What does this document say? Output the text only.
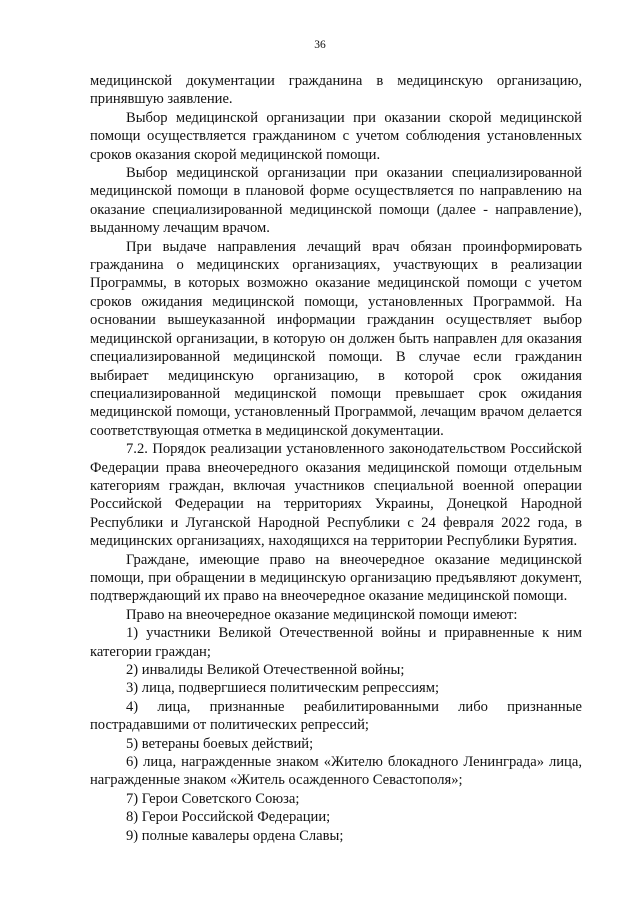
36

медицинской документации гражданина в медицинскую организацию, принявшую заявление.

Выбор медицинской организации при оказании скорой медицинской помощи осуществляется гражданином с учетом соблюдения установленных сроков оказания скорой медицинской помощи.

Выбор медицинской организации при оказании специализированной медицинской помощи в плановой форме осуществляется по направлению на оказание специализированной медицинской помощи (далее - направление), выданному лечащим врачом.

При выдаче направления лечащий врач обязан проинформировать гражданина о медицинских организациях, участвующих в реализации Программы, в которых возможно оказание медицинской помощи с учетом сроков ожидания медицинской помощи, установленных Программой. На основании вышеуказанной информации гражданин осуществляет выбор медицинской организации, в которую он должен быть направлен для оказания специализированной медицинской помощи. В случае если гражданин выбирает медицинскую организацию, в которой срок ожидания специализированной медицинской помощи превышает срок ожидания медицинской помощи, установленный Программой, лечащим врачом делается соответствующая отметка в медицинской документации.

7.2. Порядок реализации установленного законодательством Российской Федерации права внеочередного оказания медицинской помощи отдельным категориям граждан, включая участников специальной военной операции Российской Федерации на территориях Украины, Донецкой Народной Республики и Луганской Народной Республики с 24 февраля 2022 года, в медицинских организациях, находящихся на территории Республики Бурятия.

Граждане, имеющие право на внеочередное оказание медицинской помощи, при обращении в медицинскую организацию предъявляют документ, подтверждающий их право на внеочередное оказание медицинской помощи.

Право на внеочередное оказание медицинской помощи имеют:

1) участники Великой Отечественной войны и приравненные к ним категории граждан;

2) инвалиды Великой Отечественной войны;

3) лица, подвергшиеся политическим репрессиям;

4) лица, признанные реабилитированными либо признанные пострадавшими от политических репрессий;

5) ветераны боевых действий;

6) лица, награжденные знаком «Жителю блокадного Ленинграда» лица, награжденные знаком «Житель осажденного Севастополя»;

7) Герои Советского Союза;

8) Герои Российской Федерации;

9) полные кавалеры ордена Славы;
